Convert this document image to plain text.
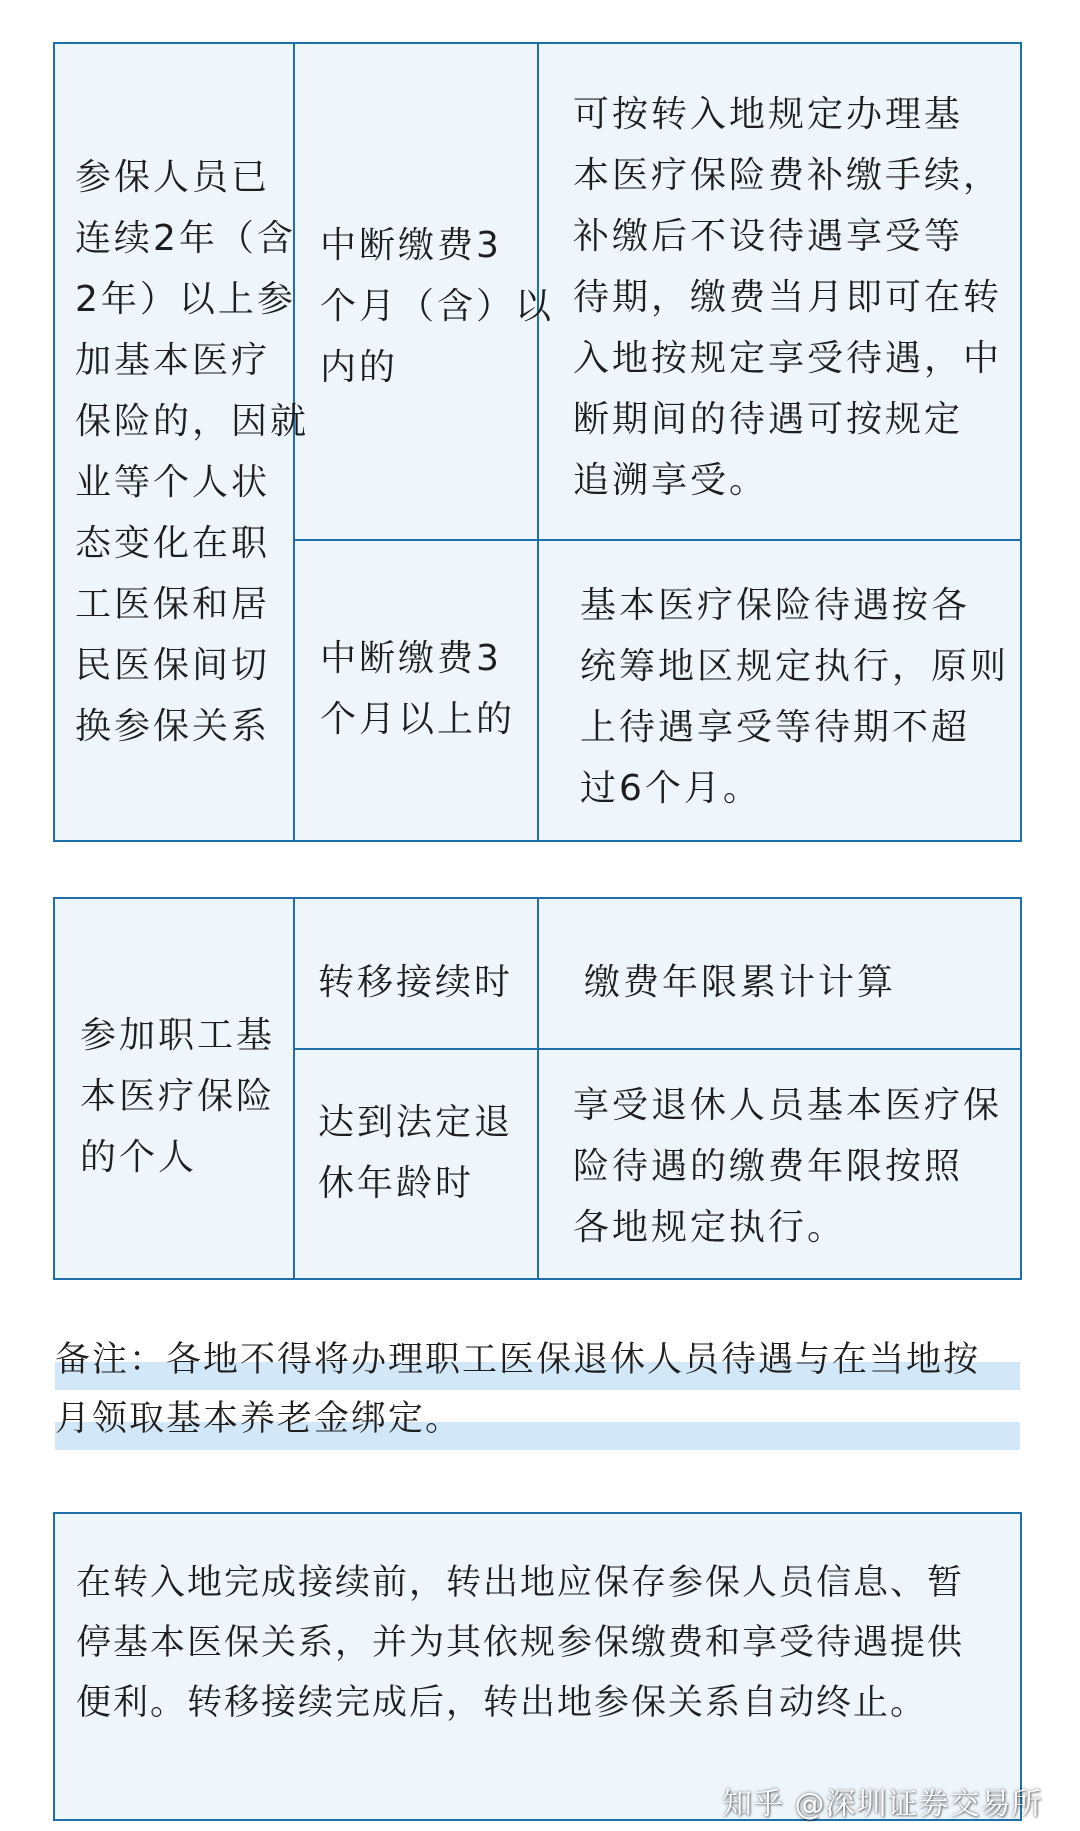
参保人员已
连续2年（含
2年）以上参
加基本医疗
保险的，因就
业等个人状
态变化在职
工医保和居
民医保间切
换参保关系
中断缴费3
个月（含）以
内的
可按转入地规定办理基
本医疗保险费补缴手续，
补缴后不设待遇享受等
待期，缴费当月即可在转
入地按规定享受待遇，中
断期间的待遇可按规定
追溯享受。
中断缴费3
个月以上的
基本医疗保险待遇按各
统筹地区规定执行，原则
上待遇享受等待期不超
过6个月。
参加职工基
本医疗保险
的个人
转移接续时 缴费年限累计计算
达到法定退
休年龄时
享受退休人员基本医疗保
险待遇的缴费年限按照
各地规定执行。
备注：各地不得将办理职工医保退休人员待遇与在当地按
月领取基本养老金绑定。
在转入地完成接续前，转出地应保存参保人员信息、暂
停基本医保关系，并为其依规参保缴费和享受待遇提供
便利。转移接续完成后，转出地参保关系自动终止。
知乎 @深圳证券交易所
